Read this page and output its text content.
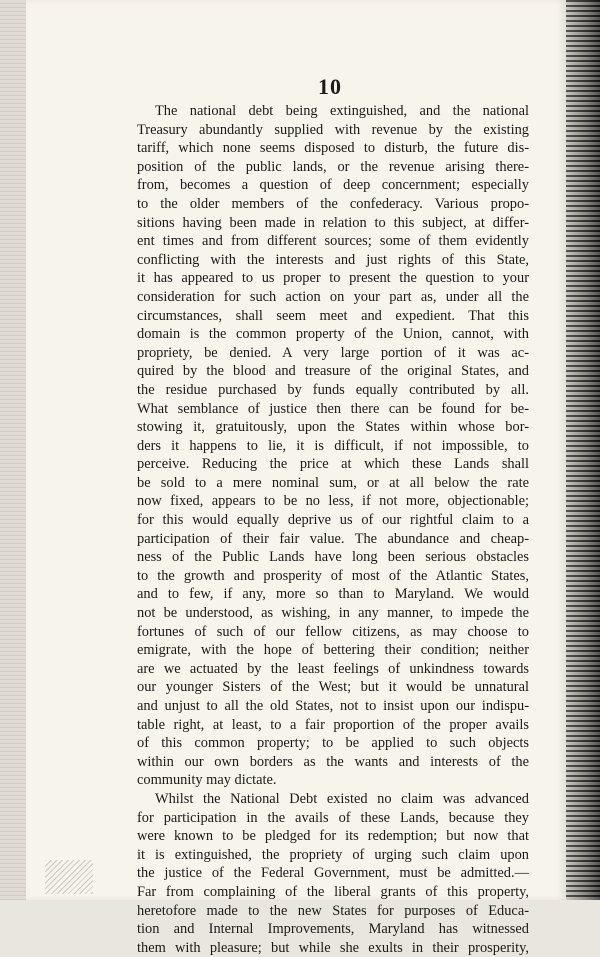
10
The national debt being extinguished, and the national
Treasury abundantly supplied with revenue by the existing
tariff, which none seems disposed to disturb, the future dis-
position of the public lands, or the revenue arising there-
from, becomes a question of deep concernment; especially
to the older members of the confederacy. Various propo-
sitions having been made in relation to this subject, at differ-
ent times and from different sources; some of them evidently
conflicting with the interests and just rights of this State,
it has appeared to us proper to present the question to your
consideration for such action on your part as, under all the
circumstances, shall seem meet and expedient. That this
domain is the common property of the Union, cannot, with
propriety, be denied. A very large portion of it was ac-
quired by the blood and treasure of the original States, and
the residue purchased by funds equally contributed by all.
What semblance of justice then there can be found for be-
stowing it, gratuitously, upon the States within whose bor-
ders it happens to lie, it is difficult, if not impossible, to
perceive. Reducing the price at which these Lands shall
be sold to a mere nominal sum, or at all below the rate
now fixed, appears to be no less, if not more, objectionable;
for this would equally deprive us of our rightful claim to a
participation of their fair value. The abundance and cheap-
ness of the Public Lands have long been serious obstacles
to the growth and prosperity of most of the Atlantic States,
and to few, if any, more so than to Maryland. We would
not be understood, as wishing, in any manner, to impede the
fortunes of such of our fellow citizens, as may choose to
emigrate, with the hope of bettering their condition; neither
are we actuated by the least feelings of unkindness towards
our younger Sisters of the West; but it would be unnatural
and unjust to all the old States, not to insist upon our indispu-
table right, at least, to a fair proportion of the proper avails
of this common property; to be applied to such objects
within our own borders as the wants and interests of the
community may dictate.
Whilst the National Debt existed no claim was advanced
for participation in the avails of these Lands, because they
were known to be pledged for its redemption; but now that
it is extinguished, the propriety of urging such claim upon
the justice of the Federal Government, must be admitted.—
Far from complaining of the liberal grants of this property,
heretofore made to the new States for purposes of Educa-
tion and Internal Improvements, Maryland has witnessed
them with pleasure; but while she exults in their prosperity,
